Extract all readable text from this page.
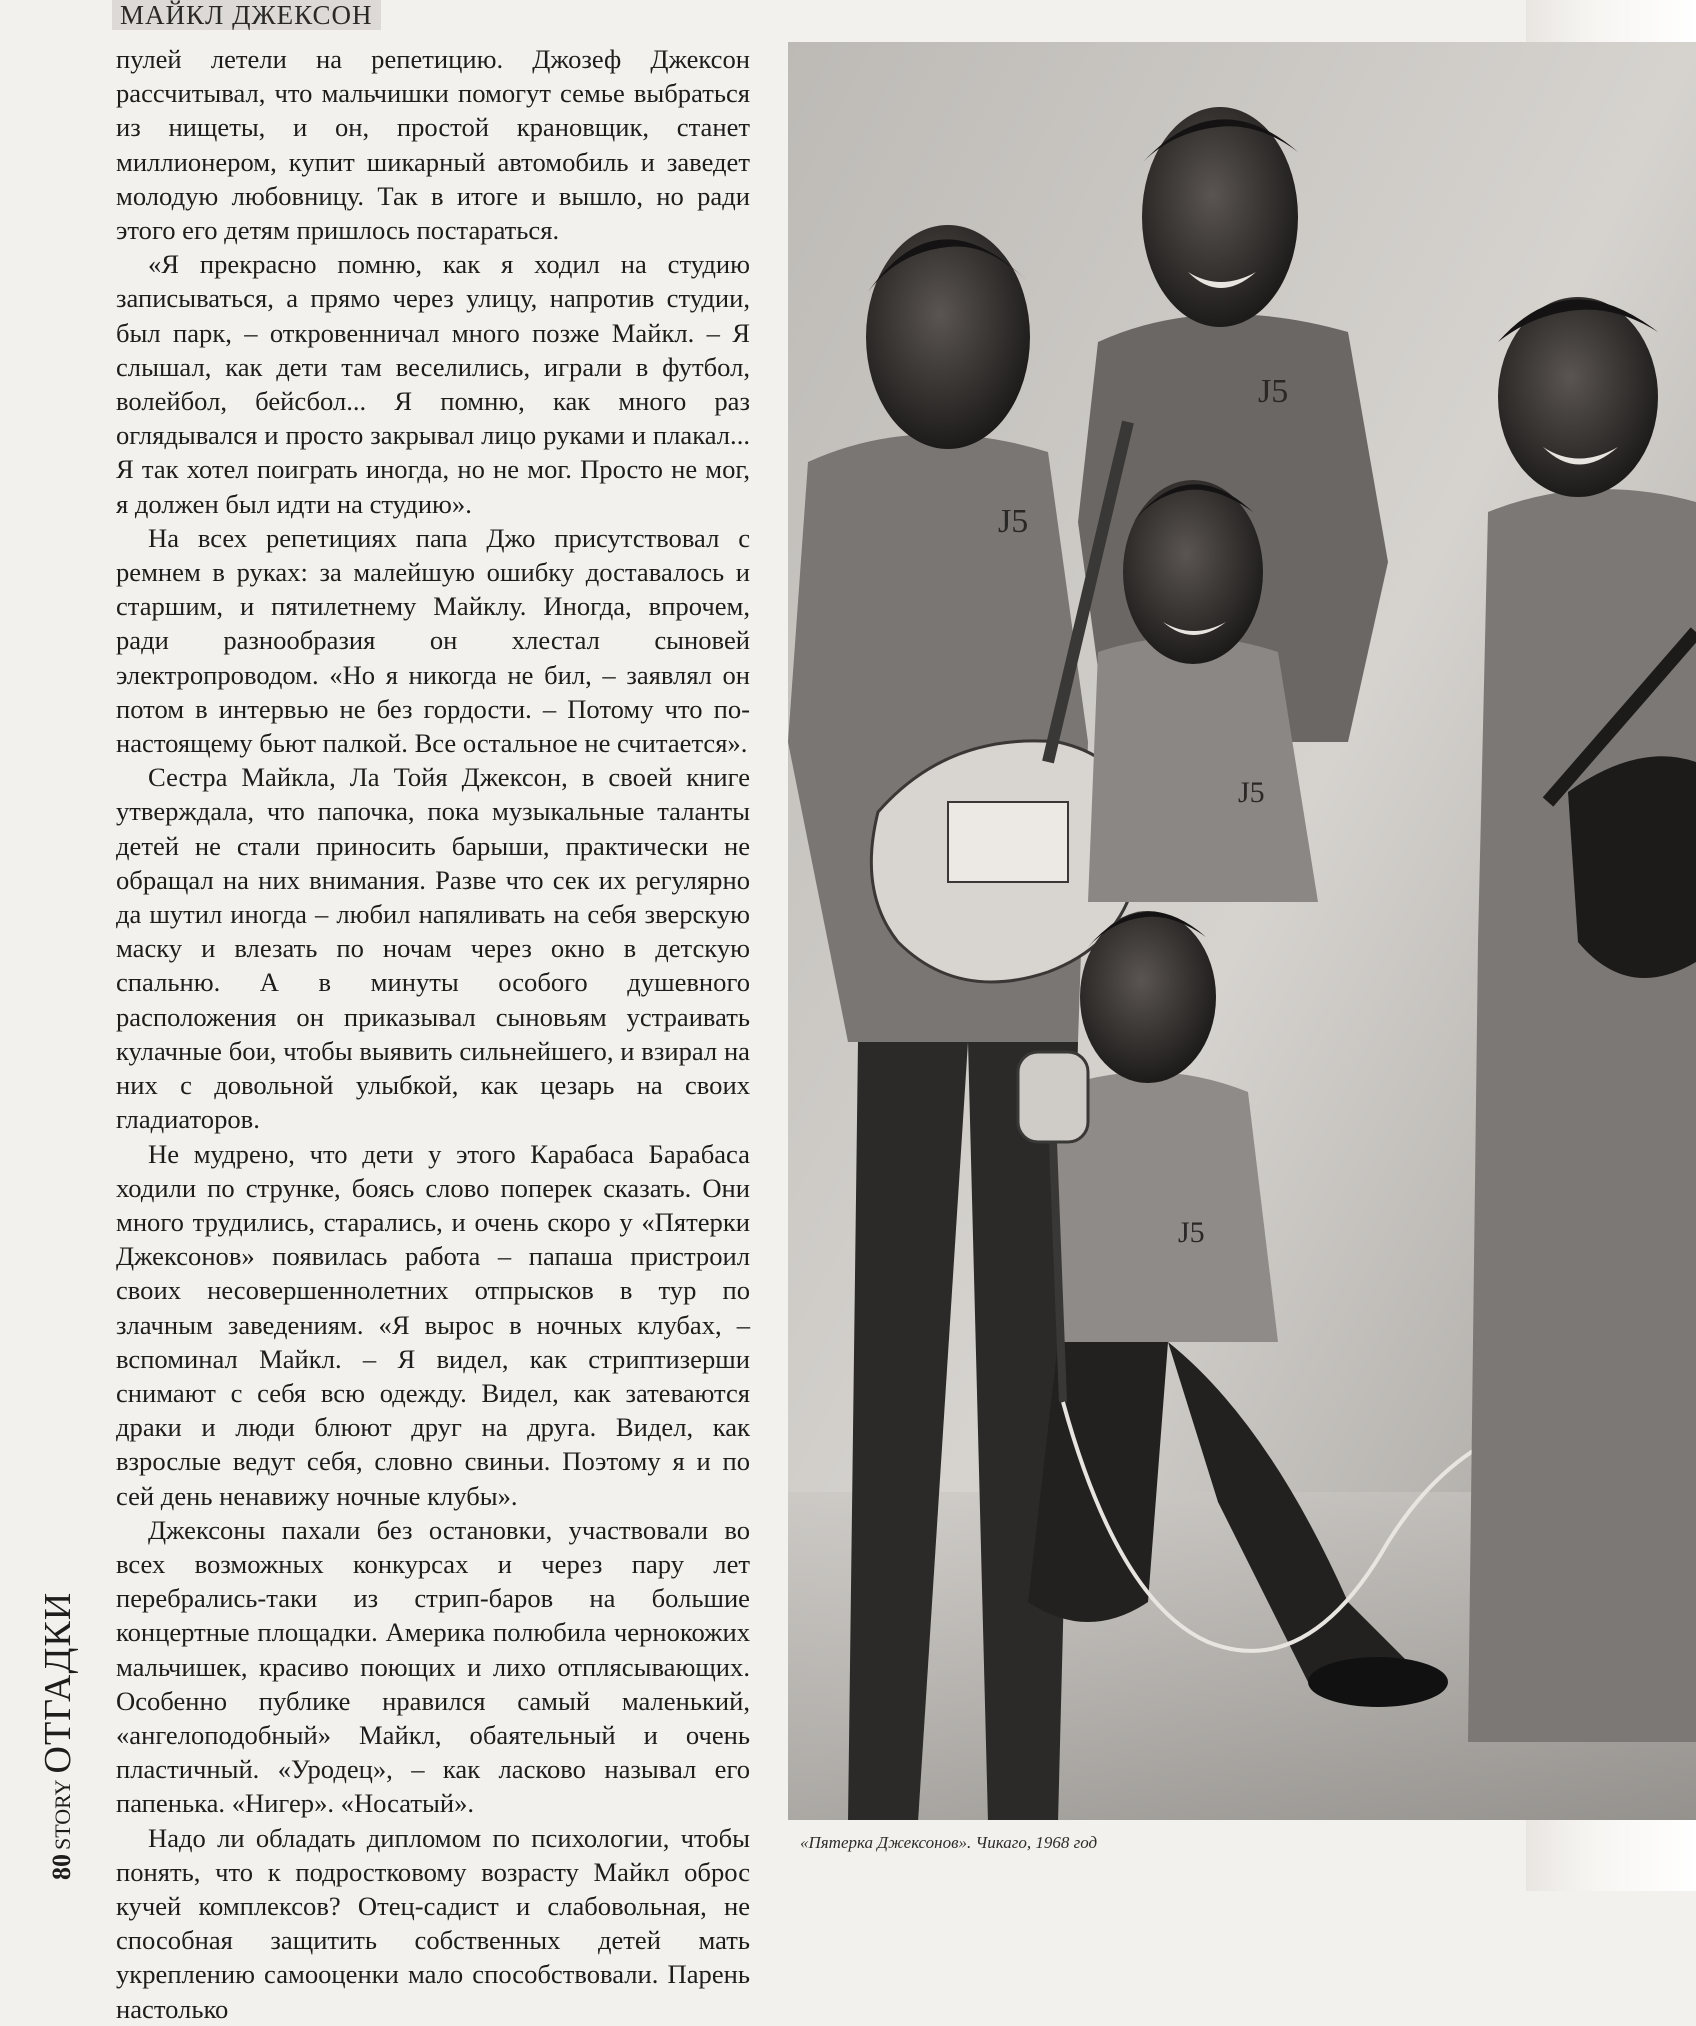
МАЙКЛ ДЖЕКСОН

пулей летели на репетицию. Джозеф Джексон рассчитывал, что мальчишки помогут семье выбраться из нищеты, и он, простой крановщик, станет миллионером, купит шикарный автомобиль и заведет молодую любовницу. Так в итоге и вышло, но ради этого его детям пришлось постараться.

«Я прекрасно помню, как я ходил на студию записываться, а прямо через улицу, напротив студии, был парк, – откровенничал много позже Майкл. – Я слышал, как дети там веселились, играли в футбол, волейбол, бейсбол... Я помню, как много раз оглядывался и просто закрывал лицо руками и плакал... Я так хотел поиграть иногда, но не мог. Просто не мог, я должен был идти на студию».

На всех репетициях папа Джо присутствовал с ремнем в руках: за малейшую ошибку доставалось и старшим, и пятилетнему Майклу. Иногда, впрочем, ради разнообразия он хлестал сыновей электропроводом. «Но я никогда не бил, – заявлял он потом в интервью не без гордости. – Потому что по-настоящему бьют палкой. Все остальное не считается».

Сестра Майкла, Ла Тойя Джексон, в своей книге утверждала, что папочка, пока музыкальные таланты детей не стали приносить барыши, практически не обращал на них внимания. Разве что сек их регулярно да шутил иногда – любил напяливать на себя зверскую маску и влезать по ночам через окно в детскую спальню. А в минуты особого душевного расположения он приказывал сыновьям устраивать кулачные бои, чтобы выявить сильнейшего, и взирал на них с довольной улыбкой, как цезарь на своих гладиаторов.

Не мудрено, что дети у этого Карабаса Барабаса ходили по струнке, боясь слово поперек сказать. Они много трудились, старались, и очень скоро у «Пятерки Джексонов» появилась работа – папаша пристроил своих несовершеннолетних отпрысков в тур по злачным заведениям. «Я вырос в ночных клубах, – вспоминал Майкл. – Я видел, как стриптизерши снимают с себя всю одежду. Видел, как затеваются драки и люди блюют друг на друга. Видел, как взрослые ведут себя, словно свиньи. Поэтому я и по сей день ненавижу ночные клубы».

Джексоны пахали без остановки, участвовали во всех возможных конкурсах и через пару лет перебрались-таки из стрип-баров на большие концертные площадки. Америка полюбила чернокожих мальчишек, красиво поющих и лихо отплясывающих. Особенно публике нравился самый маленький, «ангелоподобный» Майкл, обаятельный и очень пластичный. «Уродец», – как ласково называл его папенька. «Нигер». «Носатый».

Надо ли обладать дипломом по психологии, чтобы понять, что к подростковому возрасту Майкл оброс кучей комплексов? Отец-садист и слабовольная, не способная защитить собственных детей мать укреплению самооценки мало способствовали. Парень настолько

J5
J5
J5
J5
«Пятерка Джексонов». Чикаго, 1968 год
80STORYОТГАДКИ
